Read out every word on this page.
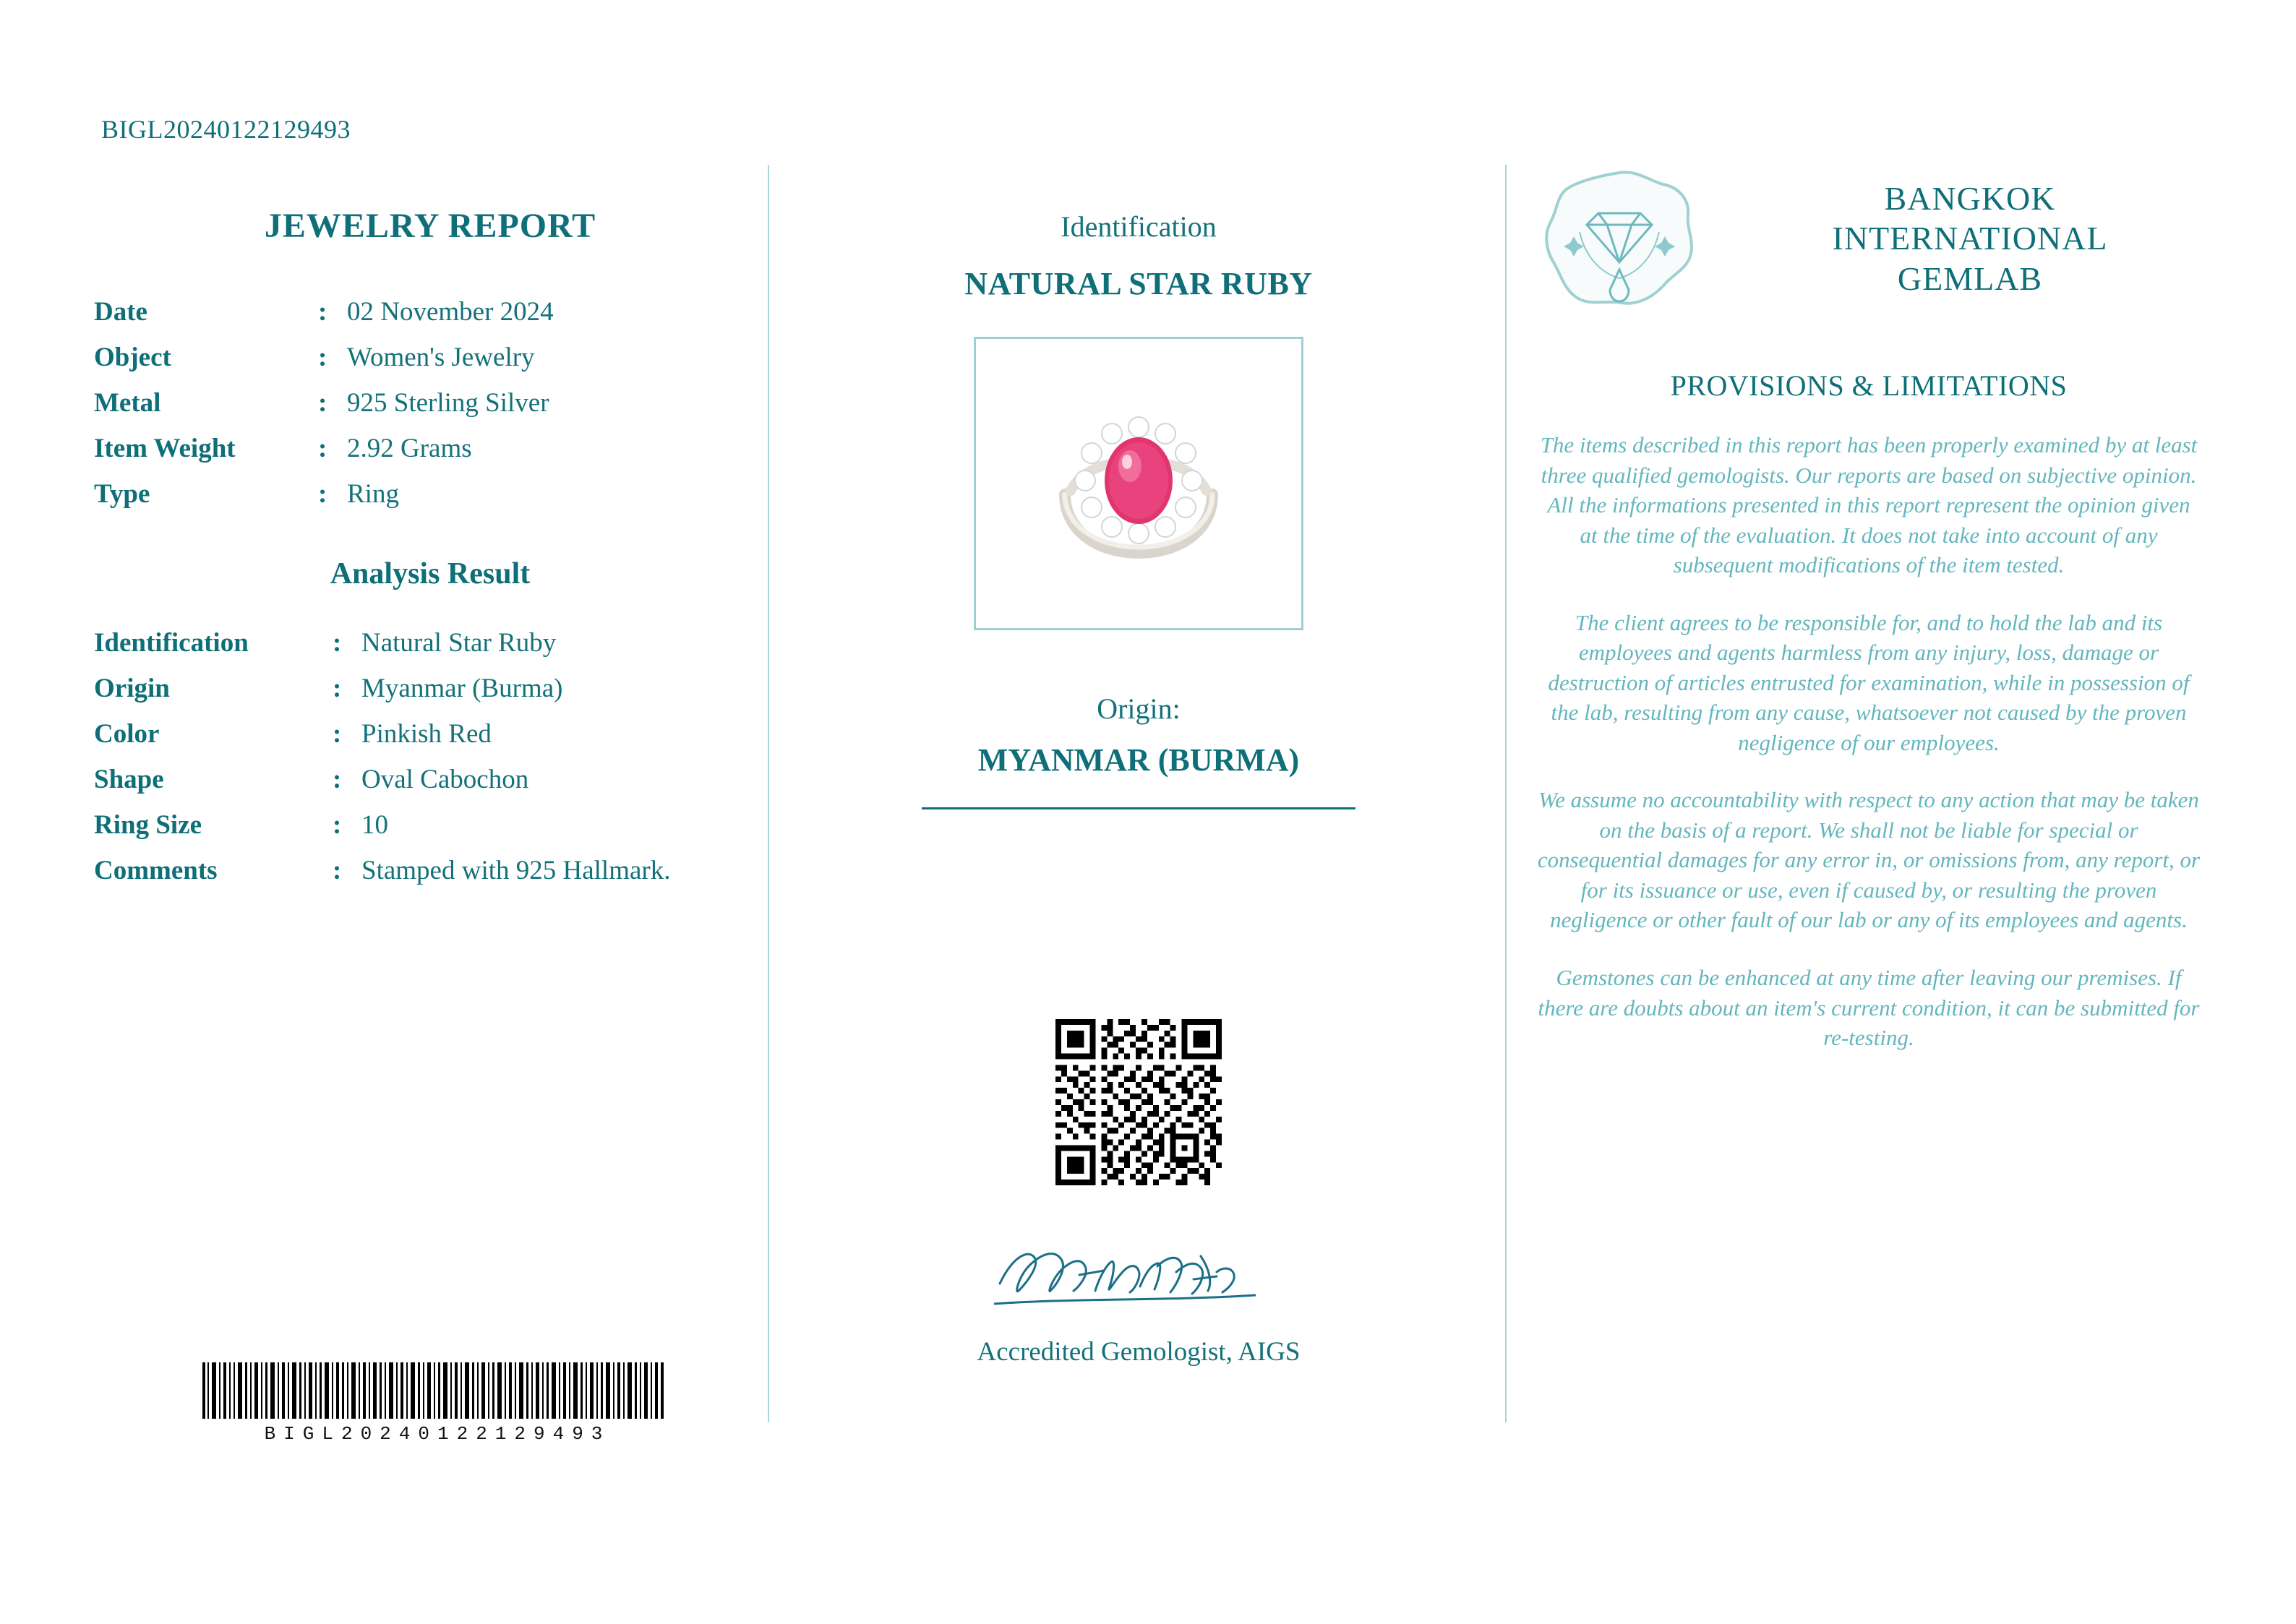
BIGL20240122129493
JEWELRY REPORT
Date	:	02 November 2024
Object	:	Women's Jewelry
Metal	:	925 Sterling Silver
Item Weight	:	2.92 Grams
Type	:	Ring
Analysis Result
Identification	:	Natural Star Ruby
Origin	:	Myanmar (Burma)
Color	:	Pinkish Red
Shape	:	Oval Cabochon
Ring Size	:	10
Comments	:	Stamped with 925 Hallmark.
BIGL20240122129493
Identification
NATURAL STAR RUBY
Origin:
MYANMAR (BURMA)
Accredited Gemologist, AIGS
BANGKOK
INTERNATIONAL
GEMLAB
PROVISIONS & LIMITATIONS

The items described in this report has been properly examined by at least three qualified gemologists. Our reports are based on subjective opinion. All the informations presented in this report represent the opinion given at the time of the evaluation. It does not take into account of any subsequent modifications of the item tested.

The client agrees to be responsible for, and to hold the lab and its employees and agents harmless from any injury, loss, damage or destruction of articles entrusted for examination, while in possession of the lab, resulting from any cause, whatsoever not caused by the proven negligence of our employees.

We assume no accountability with respect to any action that may be taken on the basis of a report. We shall not be liable for special or consequential damages for any error in, or omissions from, any report, or for its issuance or use, even if caused by, or resulting the proven negligence or other fault of our lab or any of its employees and agents.

Gemstones can be enhanced at any time after leaving our premises. If there are doubts about an item's current condition, it can be submitted for re-testing.
